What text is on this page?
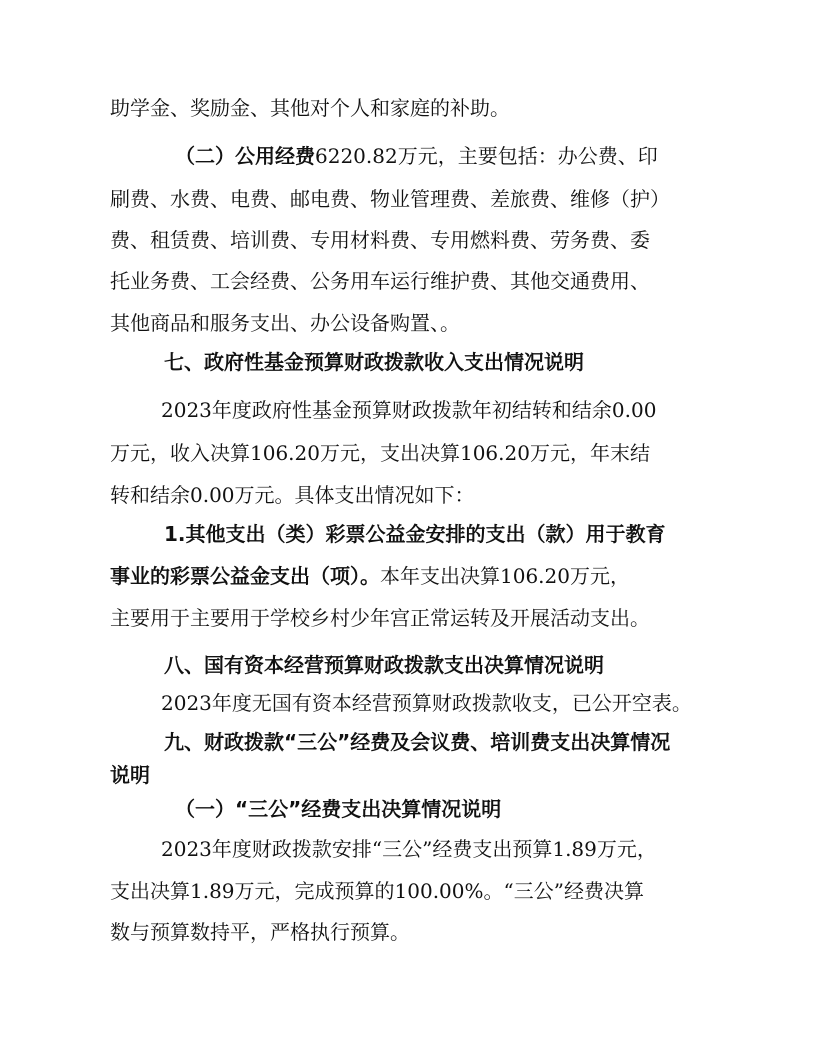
助学金、奖励金、其他对个人和家庭的补助。
（二）公用经费6220.82万元，主要包括：办公费、印
刷费、水费、电费、邮电费、物业管理费、差旅费、维修（护）
费、租赁费、培训费、专用材料费、专用燃料费、劳务费、委
托业务费、工会经费、公务用车运行维护费、其他交通费用、
其他商品和服务支出、办公设备购置、。
七、政府性基金预算财政拨款收入支出情况说明
2023年度政府性基金预算财政拨款年初结转和结余0.00
万元，收入决算106.20万元，支出决算106.20万元，年末结
转和结余0.00万元。具体支出情况如下：
1.其他支出（类）彩票公益金安排的支出（款）用于教育
事业的彩票公益金支出（项）。本年支出决算106.20万元，
主要用于主要用于学校乡村少年宫正常运转及开展活动支出。
八、国有资本经营预算财政拨款支出决算情况说明
2023年度无国有资本经营预算财政拨款收支，已公开空表。
九、财政拨款“三公”经费及会议费、培训费支出决算情况
说明
（一）“三公”经费支出决算情况说明
2023年度财政拨款安排“三公”经费支出预算1.89万元，
支出决算1.89万元，完成预算的100.00%。“三公”经费决算
数与预算数持平，严格执行预算。
